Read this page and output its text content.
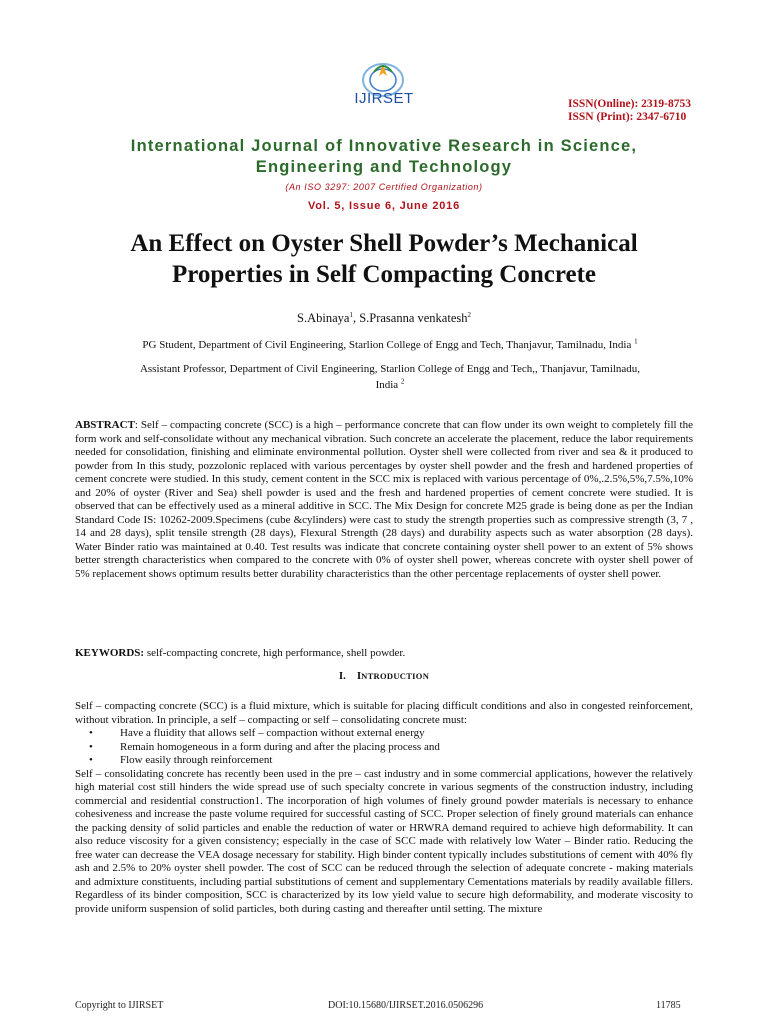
IJIRSET	ISSN(Online): 2319-8753
ISSN (Print): 2347-6710
International Journal of Innovative Research in Science,
Engineering and Technology
(An ISO 3297: 2007 Certified Organization)
Vol. 5, Issue 6, June 2016
An Effect on Oyster Shell Powder’s Mechanical
Properties in Self Compacting Concrete
S.Abinaya$^1$, S.Prasanna venkatesh$^2$
PG Student, Department of Civil Engineering, Starlion College of Engg and Tech, Thanjavur, Tamilnadu, India $^1$
Assistant Professor, Department of Civil Engineering, Starlion College of Engg and Tech,, Thanjavur, Tamilnadu,
India $^2$
ABSTRACT: Self – compacting concrete (SCC) is a high – performance concrete that can flow under its own weight to completely fill the form work and self-consolidate without any mechanical vibration. Such concrete an accelerate the placement, reduce the labor requirements needed for consolidation, finishing and eliminate environmental pollution. Oyster shell were collected from river and sea & it produced to powder from In this study, pozzolonic replaced with various percentages by oyster shell powder and the fresh and hardened properties of cement concrete were studied. In this study, cement content in the SCC mix is replaced with various percentage of 0%,.2.5%,5%,7.5%,10% and 20% of oyster (River and Sea) shell powder is used and the fresh and hardened properties of cement concrete were studied. It is observed that can be effectively used as a mineral additive in SCC. The Mix Design for concrete M25 grade is being done as per the Indian Standard Code IS: 10262-2009.Specimens (cube &cylinders) were cast to study the strength properties such as compressive strength (3, 7 , 14 and 28 days), split tensile strength (28 days), Flexural Strength (28 days) and durability aspects such as water absorption (28 days). Water Binder ratio was maintained at 0.40. Test results was indicate that concrete containing oyster shell power to an extent of 5% shows better strength characteristics when compared to the concrete with 0% of oyster shell power, whereas concrete with oyster shell power of 5% replacement shows optimum results better durability characteristics than the other percentage replacements of oyster shell power.
KEYWORDS: self-compacting concrete, high performance, shell powder.
I. INTRODUCTION
Self – compacting concrete (SCC) is a fluid mixture, which is suitable for placing difficult conditions and also in congested reinforcement, without vibration. In principle, a self – compacting or self – consolidating concrete must:
• Have a fluidity that allows self – compaction without external energy
• Remain homogeneous in a form during and after the placing process and
• Flow easily through reinforcement
Self – consolidating concrete has recently been used in the pre – cast industry and in some commercial applications, however the relatively high material cost still hinders the wide spread use of such specialty concrete in various segments of the construction industry, including commercial and residential construction1. The incorporation of high volumes of finely ground powder materials is necessary to enhance cohesiveness and increase the paste volume required for successful casting of SCC. Proper selection of finely ground materials can enhance the packing density of solid particles and enable the reduction of water or HRWRA demand required to achieve high deformability. It can also reduce viscosity for a given consistency; especially in the case of SCC made with relatively low Water – Binder ratio. Reducing the free water can decrease the VEA dosage necessary for stability. High binder content typically includes substitutions of cement with 40% fly ash and 2.5% to 20% oyster shell powder. The cost of SCC can be reduced through the selection of adequate concrete - making materials and admixture constituents, including partial substitutions of cement and supplementary Cementations materials by readily available fillers. Regardless of its binder composition, SCC is characterized by its low yield value to secure high deformability, and moderate viscosity to provide uniform suspension of solid particles, both during casting and thereafter until setting. The mixture
Copyright to IJIRSET	DOI:10.15680/IJIRSET.2016.0506296	11785
